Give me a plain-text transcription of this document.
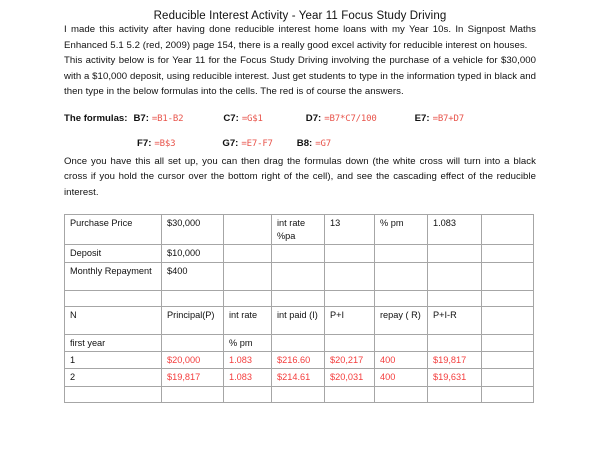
Reducible Interest Activity - Year 11 Focus Study Driving

I made this activity after having done reducible interest home loans with my Year 10s. In Signpost Maths Enhanced 5.1 5.2 (red, 2009) page 154, there is a really good excel activity for reducible interest on houses.

This activity below is for Year 11 for the Focus Study Driving involving the purchase of a vehicle for $30,000 with a $10,000 deposit, using reducible interest. Just get students to type in the information typed in black and then type in the below formulas into the cells. The red is of course the answers.

The formulas: B7: =B1-B2	C7: =G$1	D7: =B7*C7/100	E7: =B7+D7
F7: =B$3	G7: =E7-F7	B8: =G7

Once you have this all set up, you can then drag the formulas down (the white cross will turn into a black cross if you hold the cursor over the bottom right of the cell), and see the cascading effect of the reducible interest.

Purchase Price	$30,000		int rate %pa	13	% pm	1.083	
Deposit	$10,000						
Monthly Repayment	$400						

N	Principal(P)	int rate	int paid (I)	P+I	repay ( R)	P+I-R	
first year		% pm					
1	$20,000	1.083	$216.60	$20,217	400	$19,817	
2	$19,817	1.083	$214.61	$20,031	400	$19,631	
